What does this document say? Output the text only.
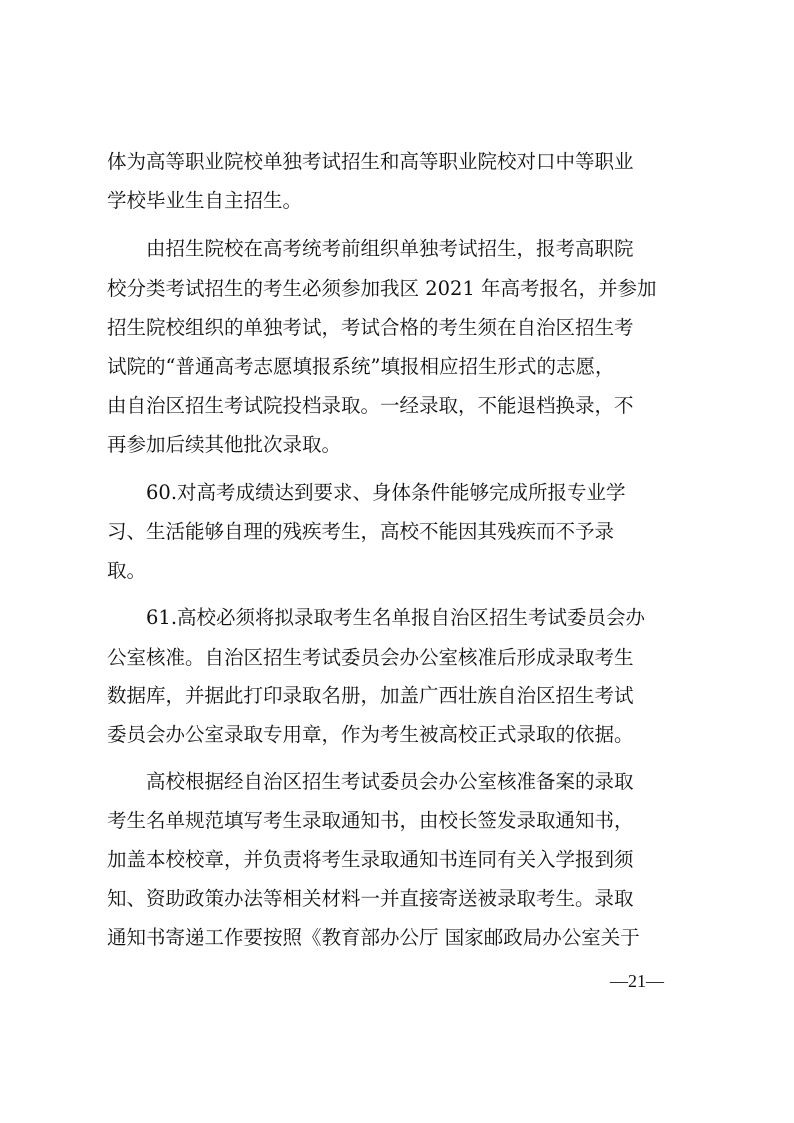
体为高等职业院校单独考试招生和高等职业院校对口中等职业
学校毕业生自主招生。
由招生院校在高考统考前组织单独考试招生，报考高职院
校分类考试招生的考生必须参加我区 2021 年高考报名，并参加
招生院校组织的单独考试，考试合格的考生须在自治区招生考
试院的“普通高考志愿填报系统”填报相应招生形式的志愿，
由自治区招生考试院投档录取。一经录取，不能退档换录，不
再参加后续其他批次录取。
60.对高考成绩达到要求、身体条件能够完成所报专业学
习、生活能够自理的残疾考生，高校不能因其残疾而不予录
取。
61.高校必须将拟录取考生名单报自治区招生考试委员会办
公室核准。自治区招生考试委员会办公室核准后形成录取考生
数据库，并据此打印录取名册，加盖广西壮族自治区招生考试
委员会办公室录取专用章，作为考生被高校正式录取的依据。
高校根据经自治区招生考试委员会办公室核准备案的录取
考生名单规范填写考生录取通知书，由校长签发录取通知书，
加盖本校校章，并负责将考生录取通知书连同有关入学报到须
知、资助政策办法等相关材料一并直接寄送被录取考生。录取
通知书寄递工作要按照《教育部办公厅 国家邮政局办公室关于
—21—
